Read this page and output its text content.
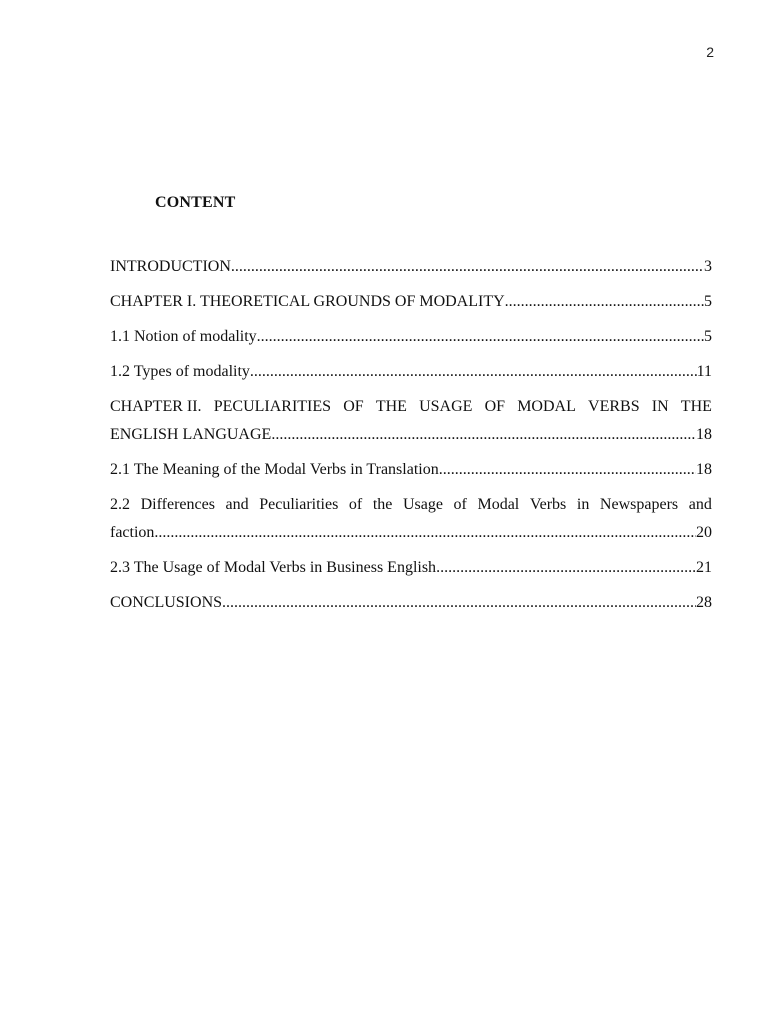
2
CONTENT
INTRODUCTION .....	3
CHAPTER I. THEORETICAL GROUNDS OF MODALITY .....	5
1.1 Notion of modality .....	5
1.2 Types of modality .....	11
CHAPTER II. PECULIARITIES OF THE USAGE OF MODAL VERBS IN THE
ENGLISH LANGUAGE .....	18
2.1 The Meaning of the Modal Verbs in Translation .....	18
2.2 Differences and Peculiarities of the Usage of Modal Verbs in Newspapers and
faction .....	20
2.3 The Usage of Modal Verbs in Business English .....	21
CONCLUSIONS .....	28
